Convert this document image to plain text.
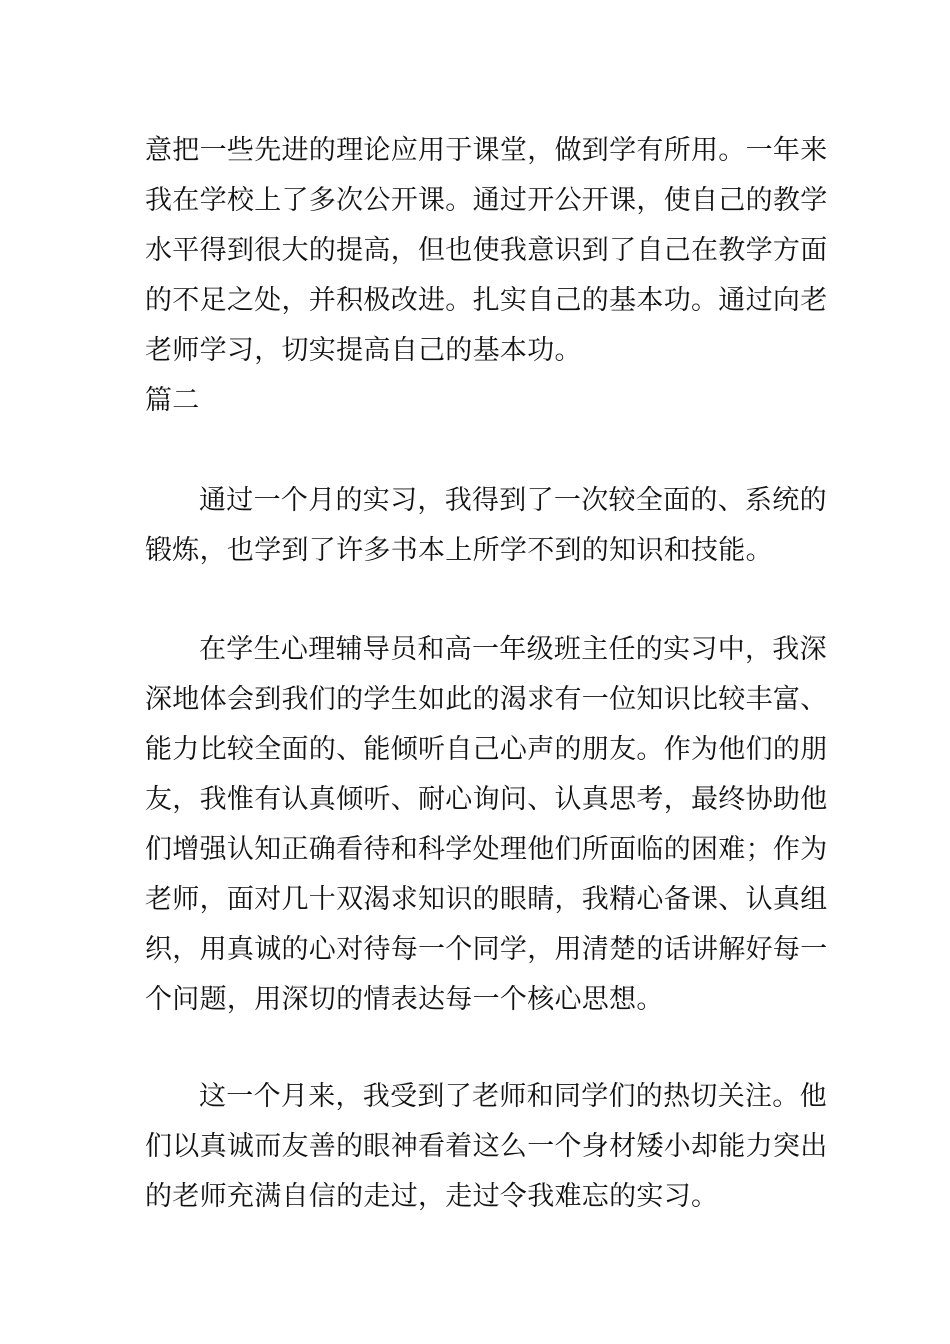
意把一些先进的理论应用于课堂，做到学有所用。一年来
我在学校上了多次公开课。通过开公开课，使自己的教学
水平得到很大的提高，但也使我意识到了自己在教学方面
的不足之处，并积极改进。扎实自己的基本功。通过向老
老师学习，切实提高自己的基本功。
篇二
通过一个月的实习，我得到了一次较全面的、系统的
锻炼，也学到了许多书本上所学不到的知识和技能。
在学生心理辅导员和高一年级班主任的实习中，我深
深地体会到我们的学生如此的渴求有一位知识比较丰富、
能力比较全面的、能倾听自己心声的朋友。作为他们的朋
友，我惟有认真倾听、耐心询问、认真思考，最终协助他
们增强认知正确看待和科学处理他们所面临的困难；作为
老师，面对几十双渴求知识的眼睛，我精心备课、认真组
织，用真诚的心对待每一个同学，用清楚的话讲解好每一
个问题，用深切的情表达每一个核心思想。
这一个月来，我受到了老师和同学们的热切关注。他
们以真诚而友善的眼神看着这么一个身材矮小却能力突出
的老师充满自信的走过，走过令我难忘的实习。
